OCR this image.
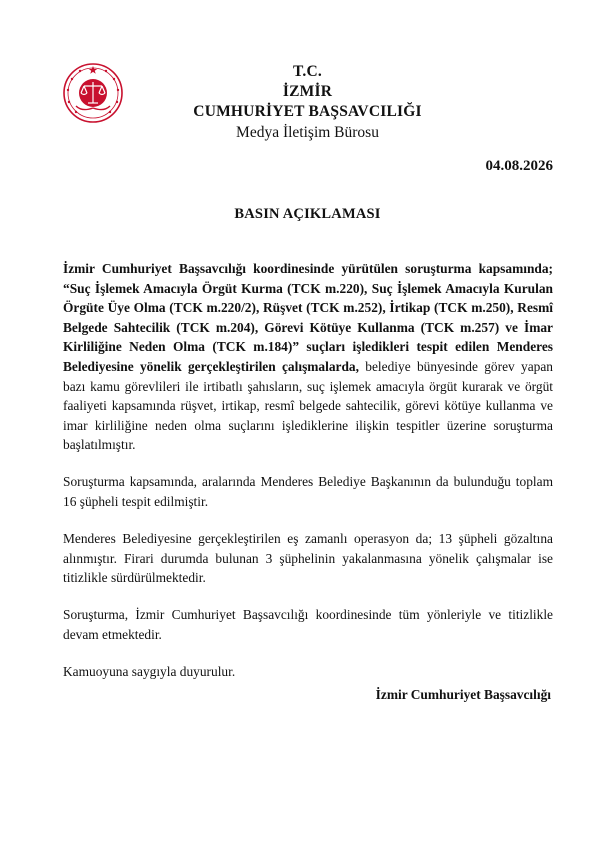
T.C.
İZMİR
CUMHURİYET BAŞSAVCILIĞI
Medya İletişim Bürosu
04.08.2026
BASIN AÇIKLAMASI

İzmir Cumhuriyet Başsavcılığı koordinesinde yürütülen soruşturma kapsamında; “Suç İşlemek Amacıyla Örgüt Kurma (TCK m.220), Suç İşlemek Amacıyla Kurulan Örgüte Üye Olma (TCK m.220/2), Rüşvet (TCK m.252), İrtikap (TCK m.250), Resmî Belgede Sahtecilik (TCK m.204), Görevi Kötüye Kullanma (TCK m.257) ve İmar Kirliliğine Neden Olma (TCK m.184)” suçları işledikleri tespit edilen Menderes Belediyesine yönelik gerçekleştirilen çalışmalarda, belediye bünyesinde görev yapan bazı kamu görevlileri ile irtibatlı şahısların, suç işlemek amacıyla örgüt kurarak ve örgüt faaliyeti kapsamında rüşvet, irtikap, resmî belgede sahtecilik, görevi kötüye kullanma ve imar kirliliğine neden olma suçlarını işlediklerine ilişkin tespitler üzerine soruşturma başlatılmıştır.

Soruşturma kapsamında, aralarında Menderes Belediye Başkanının da bulunduğu toplam 16 şüpheli tespit edilmiştir.

Menderes Belediyesine gerçekleştirilen eş zamanlı operasyon da; 13 şüpheli gözaltına alınmıştır. Firari durumda bulunan 3 şüphelinin yakalanmasına yönelik çalışmalar ise titizlikle sürdürülmektedir.

Soruşturma, İzmir Cumhuriyet Başsavcılığı koordinesinde tüm yönleriyle ve titizlikle devam etmektedir.

Kamuoyuna saygıyla duyurulur.

İzmir Cumhuriyet Başsavcılığı
